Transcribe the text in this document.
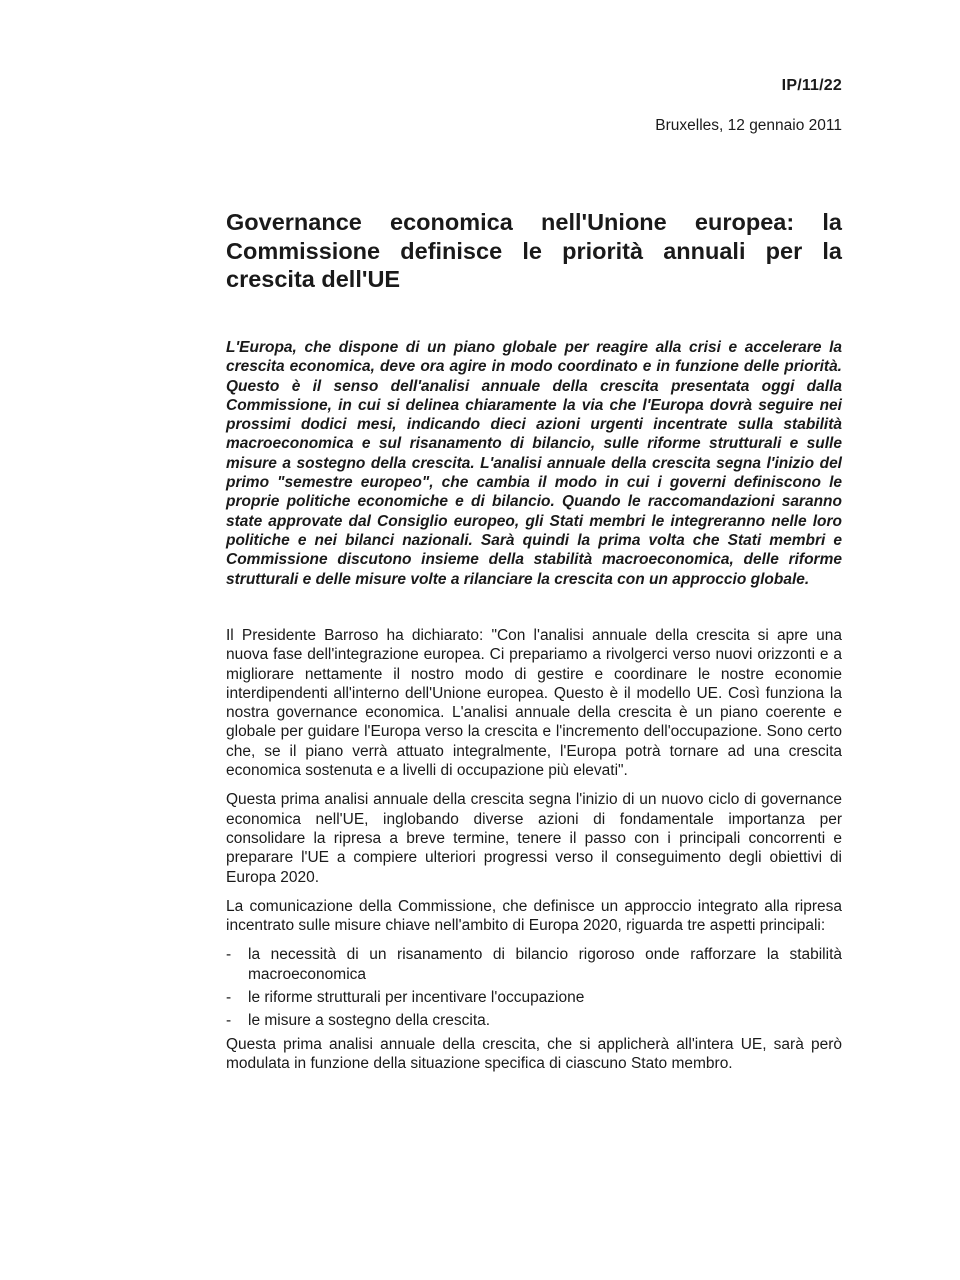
IP/11/22
Bruxelles, 12 gennaio 2011
Governance economica nell'Unione europea: la Commissione definisce le priorità annuali per la crescita dell'UE

L'Europa, che dispone di un piano globale per reagire alla crisi e accelerare la crescita economica, deve ora agire in modo coordinato e in funzione delle priorità. Questo è il senso dell'analisi annuale della crescita presentata oggi dalla Commissione, in cui si delinea chiaramente la via che l'Europa dovrà seguire nei prossimi dodici mesi, indicando dieci azioni urgenti incentrate sulla stabilità macroeconomica e sul risanamento di bilancio, sulle riforme strutturali e sulle misure a sostegno della crescita. L'analisi annuale della crescita segna l'inizio del primo "semestre europeo", che cambia il modo in cui i governi definiscono le proprie politiche economiche e di bilancio. Quando le raccomandazioni saranno state approvate dal Consiglio europeo, gli Stati membri le integreranno nelle loro politiche e nei bilanci nazionali. Sarà quindi la prima volta che Stati membri e Commissione discutono insieme della stabilità macroeconomica, delle riforme strutturali e delle misure volte a rilanciare la crescita con un approccio globale.

Il Presidente Barroso ha dichiarato: "Con l'analisi annuale della crescita si apre una nuova fase dell'integrazione europea. Ci prepariamo a rivolgerci verso nuovi orizzonti e a migliorare nettamente il nostro modo di gestire e coordinare le nostre economie interdipendenti all'interno dell'Unione europea. Questo è il modello UE. Così funziona la nostra governance economica. L'analisi annuale della crescita è un piano coerente e globale per guidare l'Europa verso la crescita e l'incremento dell'occupazione. Sono certo che, se il piano verrà attuato integralmente, l'Europa potrà tornare ad una crescita economica sostenuta e a livelli di occupazione più elevati".

Questa prima analisi annuale della crescita segna l'inizio di un nuovo ciclo di governance economica nell'UE, inglobando diverse azioni di fondamentale importanza per consolidare la ripresa a breve termine, tenere il passo con i principali concorrenti e preparare l'UE a compiere ulteriori progressi verso il conseguimento degli obiettivi di Europa 2020.

La comunicazione della Commissione, che definisce un approccio integrato alla ripresa incentrato sulle misure chiave nell'ambito di Europa 2020, riguarda tre aspetti principali:

- la necessità di un risanamento di bilancio rigoroso onde rafforzare la stabilità macroeconomica
- le riforme strutturali per incentivare l'occupazione
- le misure a sostegno della crescita.

Questa prima analisi annuale della crescita, che si applicherà all'intera UE, sarà però modulata in funzione della situazione specifica di ciascuno Stato membro.
